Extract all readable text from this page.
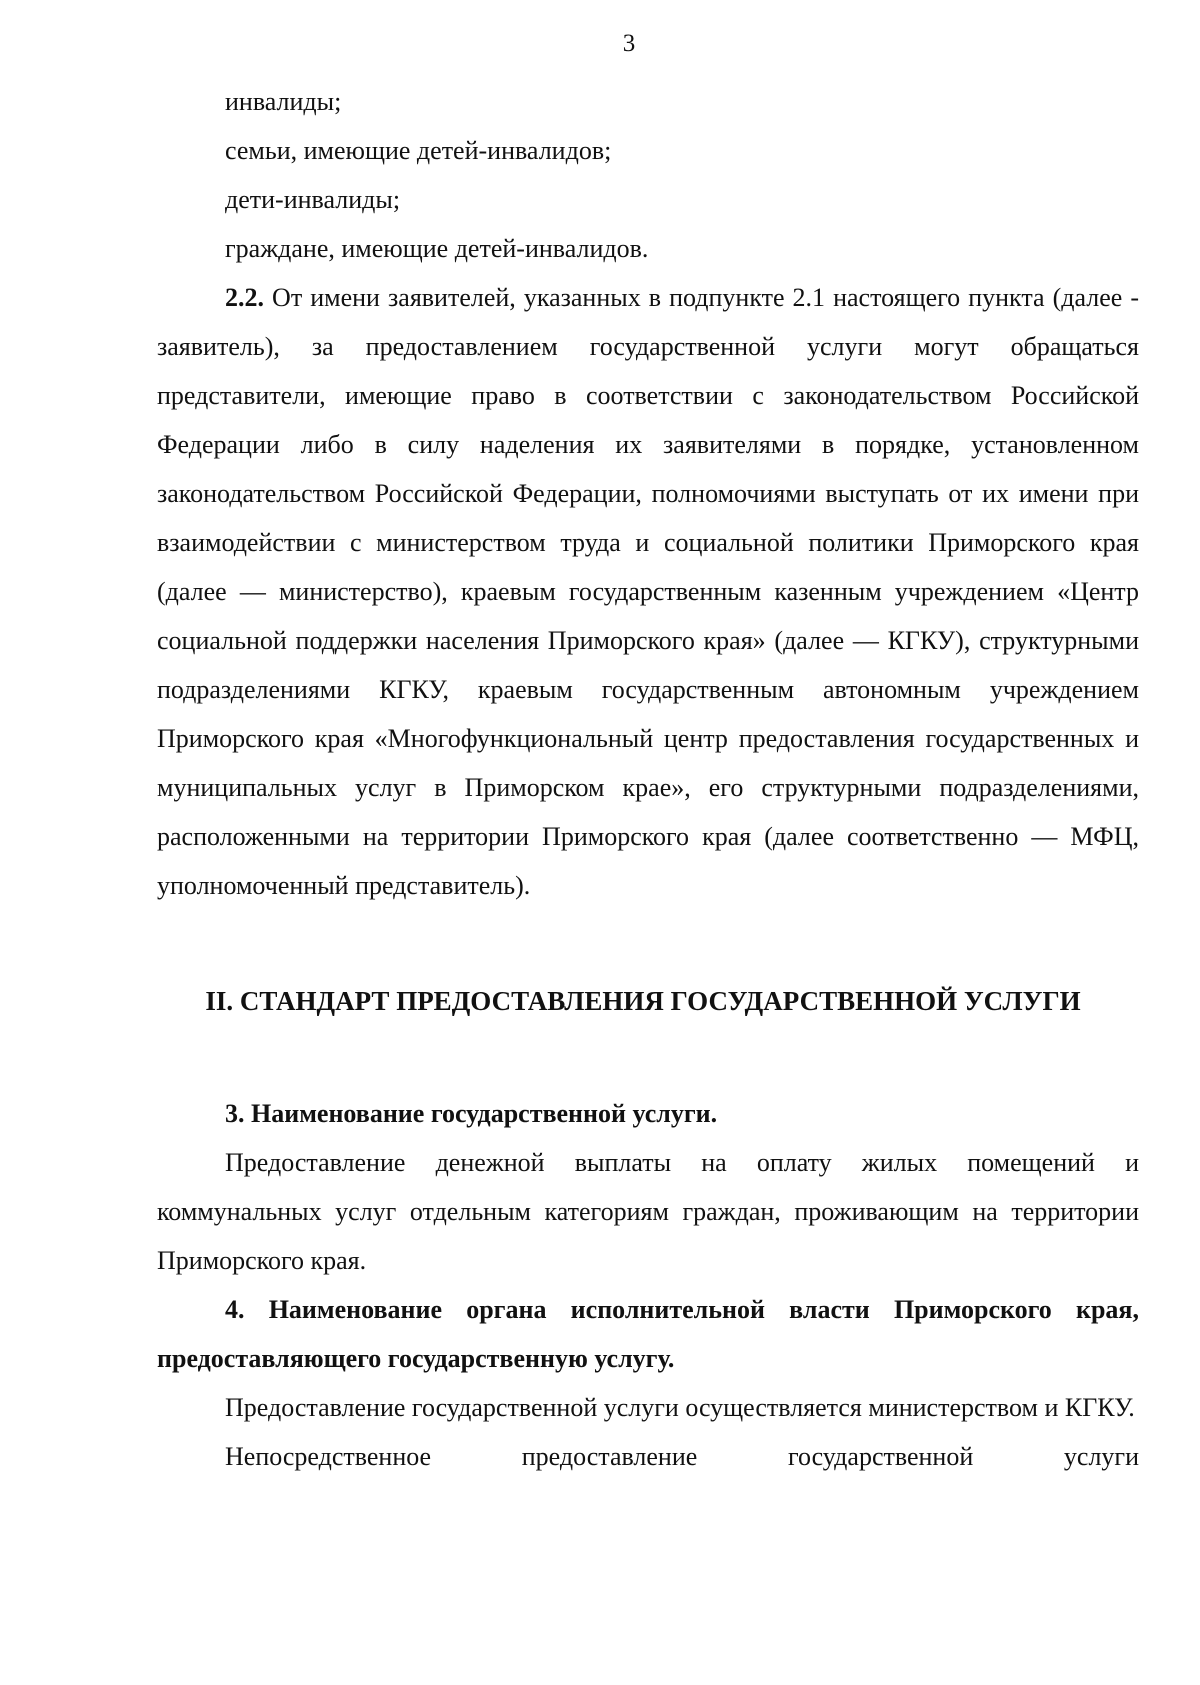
3

инвалиды;

семьи, имеющие детей-инвалидов;

дети-инвалиды;

граждане, имеющие детей-инвалидов.

2.2. От имени заявителей, указанных в подпункте 2.1 настоящего пункта (далее - заявитель), за предоставлением государственной услуги могут обращаться представители, имеющие право в соответствии с законодательством Российской Федерации либо в силу наделения их заявителями в порядке, установленном законодательством Российской Федерации, полномочиями выступать от их имени при взаимодействии с министерством труда и социальной политики Приморского края (далее — министерство), краевым государственным казенным учреждением «Центр социальной поддержки населения Приморского края» (далее — КГКУ), структурными подразделениями КГКУ, краевым государственным автономным учреждением Приморского края «Многофункциональный центр предоставления государственных и муниципальных услуг в Приморском крае», его структурными подразделениями, расположенными на территории Приморского края (далее соответственно — МФЦ, уполномоченный представитель).

II. СТАНДАРТ ПРЕДОСТАВЛЕНИЯ ГОСУДАРСТВЕННОЙ УСЛУГИ

3. Наименование государственной услуги.

Предоставление денежной выплаты на оплату жилых помещений и коммунальных услуг отдельным категориям граждан, проживающим на территории Приморского края.

4. Наименование органа исполнительной власти Приморского края, предоставляющего государственную услугу.

Предоставление государственной услуги осуществляется министерством и КГКУ.

Непосредственное предоставление государственной услуги
